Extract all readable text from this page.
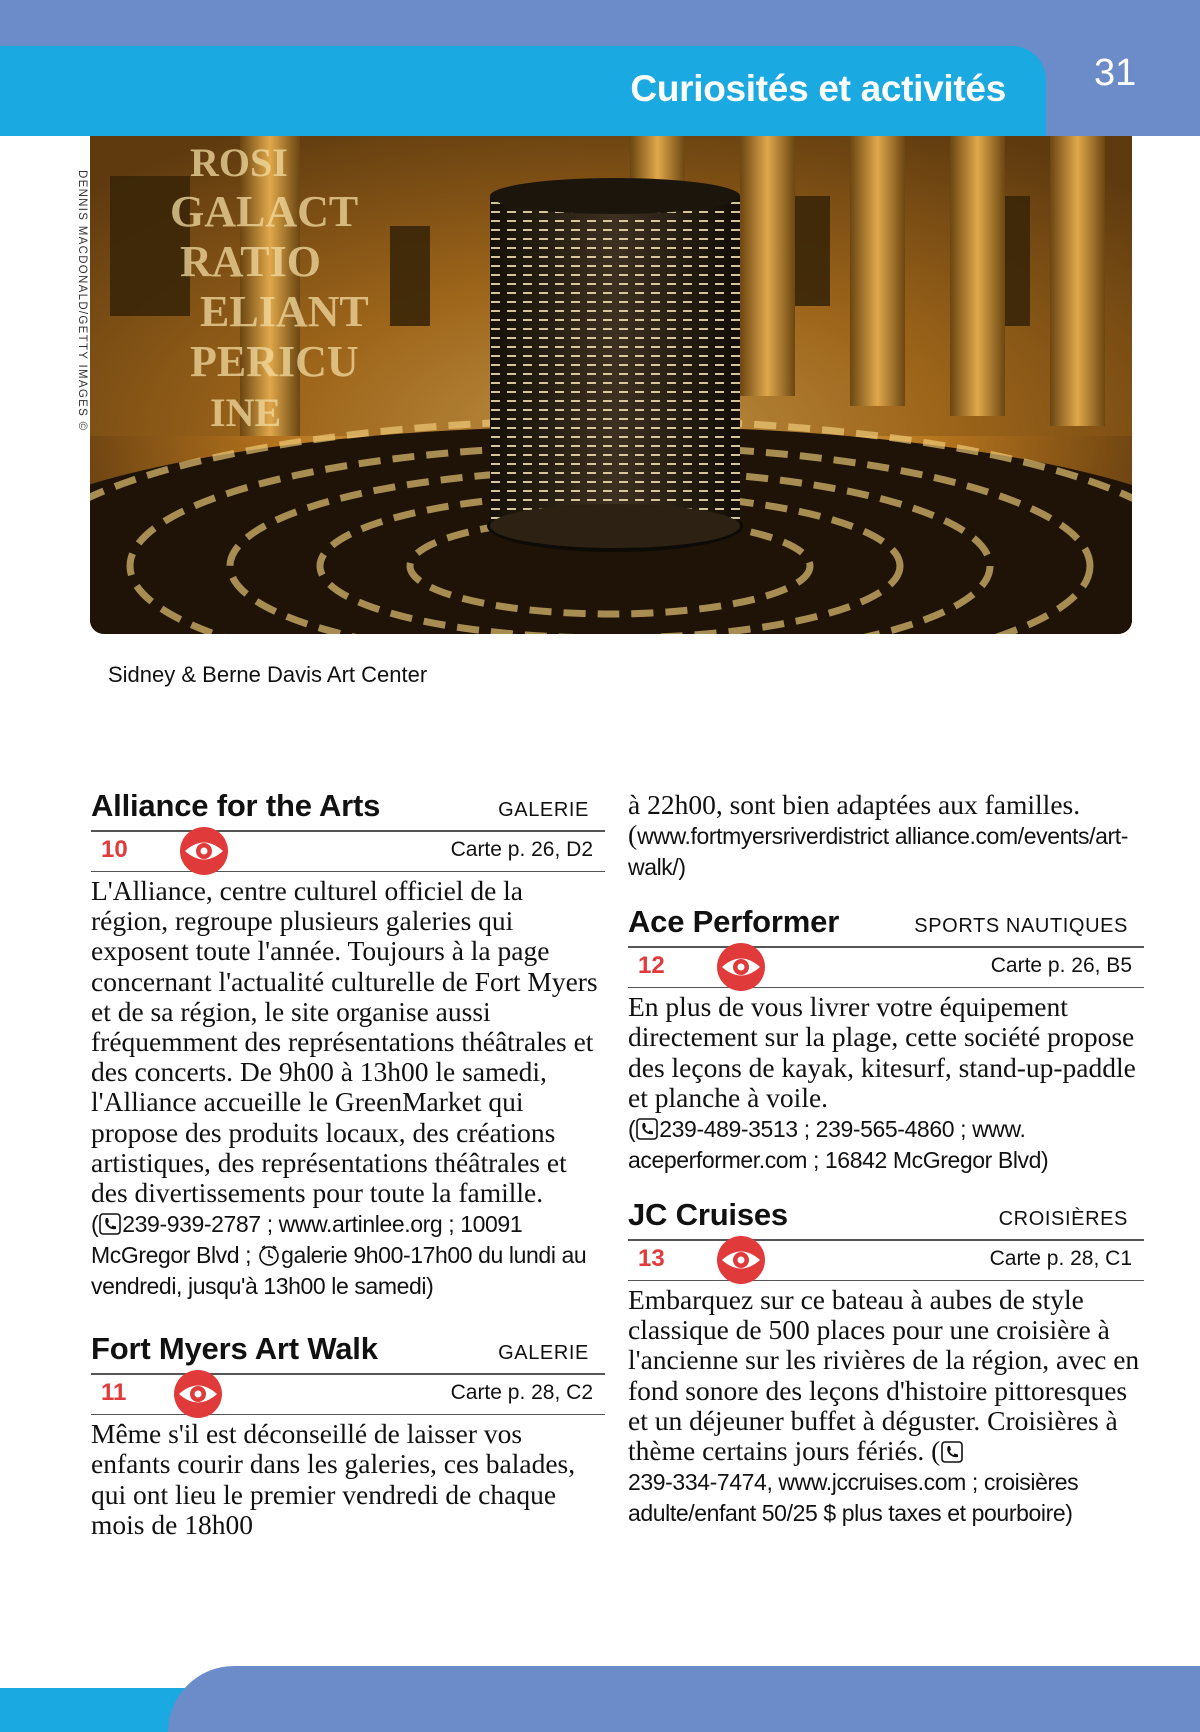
Curiosités et activités 31
DENNIS MACDONALD/GETTY IMAGES ©
ROSI
GALACT
RATIO
ELIANT
PERICU
INE
Sidney & Berne Davis Art Center
Alliance for the Arts	GALERIE
10	Carte p. 26, D2

L'Alliance, centre culturel officiel de la région, regroupe plusieurs galeries qui exposent toute l'année. Toujours à la page concernant l'actualité culturelle de Fort Myers et de sa région, le site organise aussi fréquemment des représentations théâtrales et des concerts. De 9h00 à 13h00 le samedi, l'Alliance accueille le GreenMarket qui propose des produits locaux, des créations artistiques, des représentations théâtrales et des divertissements pour toute la famille.
( 239-939-2787 ; www.artinlee.org ; 10091 McGregor Blvd ; galerie 9h00-17h00 du lundi au vendredi, jusqu'à 13h00 le samedi)

Fort Myers Art Walk	GALERIE
11	Carte p. 28, C2

Même s'il est déconseillé de laisser vos enfants courir dans les galeries, ces balades, qui ont lieu le premier vendredi de chaque mois de 18h00

à 22h00, sont bien adaptées aux familles. (www.fortmyersriverdistrict alliance.com/events/art-walk/)

Ace Performer	SPORTS NAUTIQUES
12	Carte p. 26, B5

En plus de vous livrer votre équipement directement sur la plage, cette société propose des leçons de kayak, kitesurf, stand-up-paddle et planche à voile.
( 239-489-3513 ; 239-565-4860 ; www. aceperformer.com ; 16842 McGregor Blvd)

JC Cruises	CROISIÈRES
13	Carte p. 28, C1

Embarquez sur ce bateau à aubes de style classique de 500 places pour une croisière à l'ancienne sur les rivières de la région, avec en fond sonore des leçons d'histoire pittoresques et un déjeuner buffet à déguster. Croisières à thème certains jours fériés. (
239-334-7474, www.jccruises.com ; croisières adulte/enfant 50/25 $ plus taxes et pourboire)
